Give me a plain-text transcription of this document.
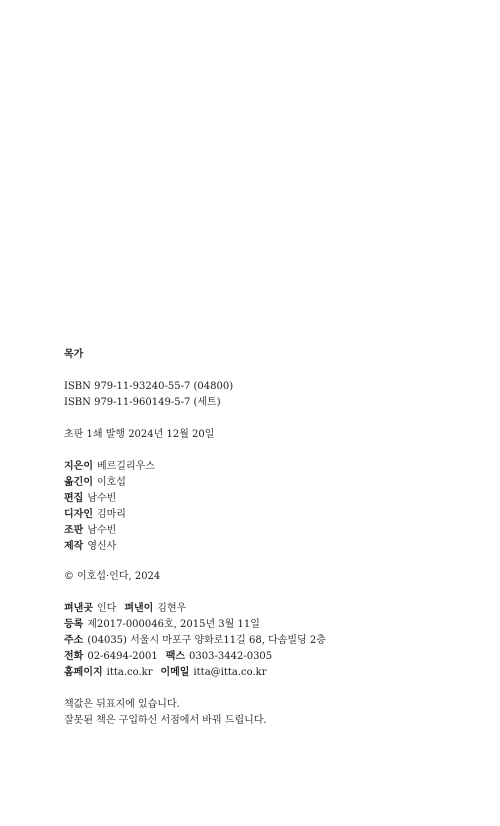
목가
ISBN 979-11-93240-55-7 (04800)
ISBN 979-11-960149-5-7 (세트)
초판 1쇄 발행 2024년 12월 20일
지은이 베르길리우스
옮긴이 이호섭
편집 남수빈
디자인 김마리
조판 남수빈
제작 영신사
© 이호섭·인다, 2024
펴낸곳 인다 펴낸이 김현우
등록 제2017-000046호, 2015년 3월 11일
주소 (04035) 서울시 마포구 양화로11길 68, 다솜빌딩 2층
전화 02-6494-2001 팩스 0303-3442-0305
홈페이지 itta.co.kr 이메일 itta@itta.co.kr
책값은 뒤표지에 있습니다.
잘못된 책은 구입하신 서점에서 바꿔 드립니다.
